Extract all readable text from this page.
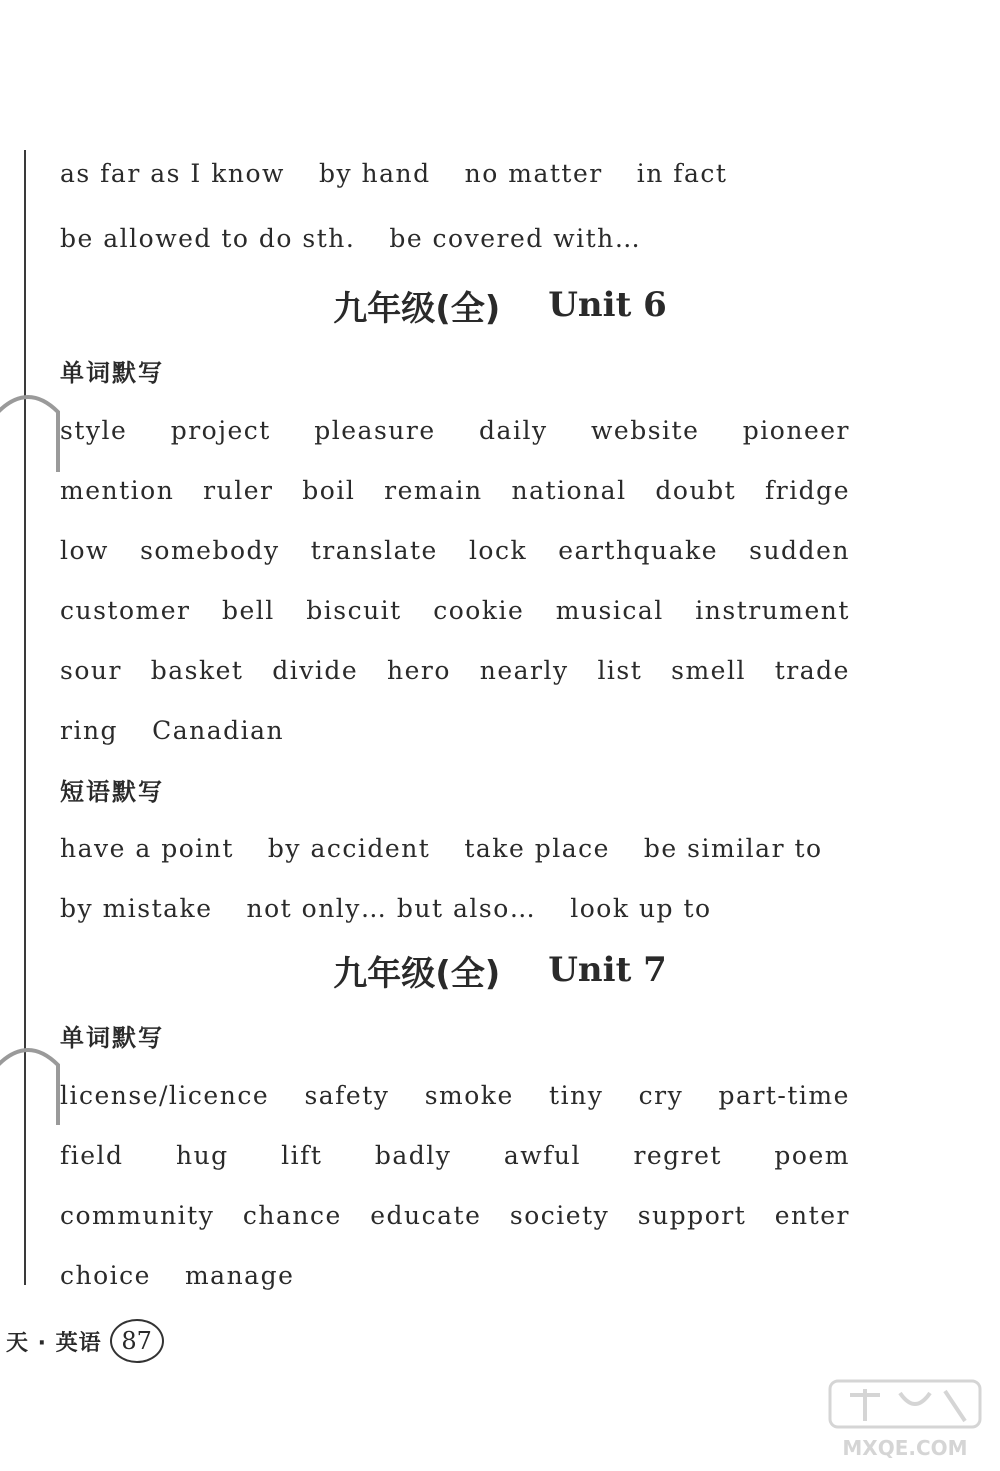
as far as I know by hand no matter in fact
be allowed to do sth. be covered with…
九年级(全) Unit 6
单词默写
style project pleasure daily website pioneer
mention ruler boil remain national doubt fridge
low somebody translate lock earthquake sudden
customer bell biscuit cookie musical instrument
sour basket divide hero nearly list smell trade
ring Canadian
短语默写
have a point by accident take place be similar to
by mistake not only… but also… look up to
九年级(全) Unit 7
单词默写
license/licence safety smoke tiny cry part-time
field hug lift badly awful regret poem
community chance educate society support enter
choice manage
天 · 英语 87
MXQE.COM
